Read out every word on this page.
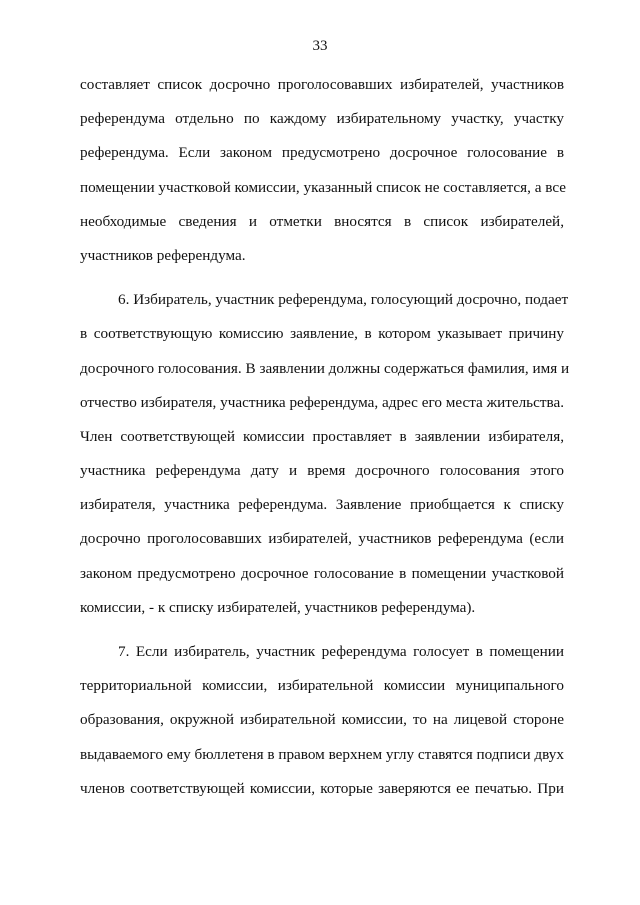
33
составляет список досрочно проголосовавших избирателей, участников
референдума отдельно по каждому избирательному участку, участку
референдума. Если законом предусмотрено досрочное голосование в
помещении участковой комиссии, указанный список не составляется, а все
необходимые сведения и отметки вносятся в список избирателей,
участников референдума.
6. Избиратель, участник референдума, голосующий досрочно, подает
в соответствующую комиссию заявление, в котором указывает причину
досрочного голосования. В заявлении должны содержаться фамилия, имя и
отчество избирателя, участника референдума, адрес его места жительства.
Член соответствующей комиссии проставляет в заявлении избирателя,
участника референдума дату и время досрочного голосования этого
избирателя, участника референдума. Заявление приобщается к списку
досрочно проголосовавших избирателей, участников референдума (если
законом предусмотрено досрочное голосование в помещении участковой
комиссии, - к списку избирателей, участников референдума).
7. Если избиратель, участник референдума голосует в помещении
территориальной комиссии, избирательной комиссии муниципального
образования, окружной избирательной комиссии, то на лицевой стороне
выдаваемого ему бюллетеня в правом верхнем углу ставятся подписи двух
членов соответствующей комиссии, которые заверяются ее печатью. При
